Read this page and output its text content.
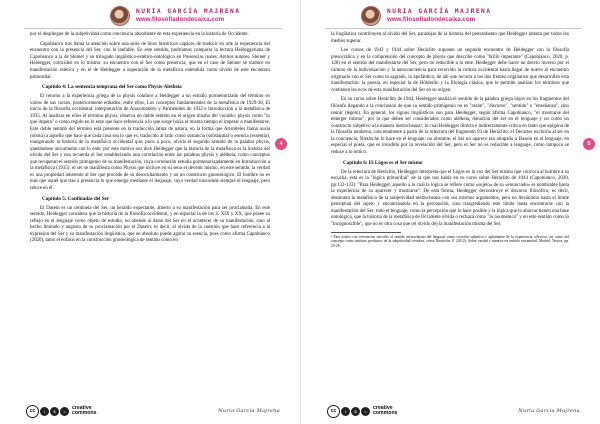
NURIA GARCÍA MAJRENA
www.filosofiadondecaixa.com

por el despliegue de la subjetividad como conciencia absorbente de esta experiencia en la historia de Occidente.

Capobianco nos llama la atención sobre una serie de hitos históricos capaces de traducir en arte la experiencia del encuentro con la presencia del Ser, con lo inefable. En este sentido, podríamos comparar la lectura Heideggeriana de Capobianco a la de Steiner y su trilogado lingüístico-estético-ontológico en Presencias reales. Ambos autores, Steiner y Heidegger, coinciden en lo mismo: su encuentro con el Ser como presencia, que en el caso de Steiner se traduce en manifestación estética y en el de Heidegger a superación de la metafísica entendida como olvido de este encuentro primordial.

Capítulo 4: La sentencia temprana del Ser como Physis-Aletheia

El retorno a la experiencia griega de la physis conduce a Heidegger a un estudio pormenorizado del término en varios de sus cursos, posteriormente editados; entre ellos, Los conceptos fundamentales de la metafísica de 1929-30, El inicio de la filosofía occidental: interpretación de Anaximandro y Parménides de 1932 e Introducción a la metafísica de 1935. Al analizar en ellos el término physis, observa un doble sentido en el origen mismo del vocablo: physis como "lo que impera" o como regido en lo ente que hace referencia a lo que surge hacia el mismo tiempo el imperar o manifestarse. Este doble sentido del término está presente en la traducción latina de natura, en la forma que Aristóteles llama ousía (οὐσία) a aquello que hace que cada cosa sea lo que es, traducido al latín como sustancia (substantia) o esencia (essentia), inaugurando la historia de la metafísica occidental que, poco a poco, olvida el segundo sentido de la palabra physis, quedándose únicamente con lo ente; por este motivo nos dice Heidegger que la historia de la metafísica es la historia del olvido del Ser y nos recuerda el Ser estableciendo una correlación entre las palabras physis y alétheia, como conceptos que recuperan el sentido primigenio de su manifestación, cuya correlación estudia pormenorizadamente en Introducción a la metafísica (1935): el ser se manifiesta como Physis que incluye en su seno el devenir mismo, en este sentido, la verdad es una propiedad inherente al Ser que procede de su desocultamiento y no un constructo gnoseológico. El hombre no es más que aquél que trae a presencia lo que emerge mediante el lenguaje, cuya verdad trasciende siempre el lenguaje, pero reluce en él.

Capítulo 5: Confinadas del Ser

El Dasein es un centinela del Ser, un heraldo expectante, abierto a su manifestación para ser proclamada. En este sentido, Heidegger considera que la historia de la filosofía occidental, y en especial la de los S. XIX y XX, que posee su reflejo en el lenguaje como objeto de estudio, no atiende al darse del Ser en el acontecer de su manifestación, sino al hecho limitado y angosto de su proclamación por el Dasein; es decir, al olvido de la cuestión que hace referencia a la expresión del Ser y su manifestación lingüística, que en absoluto puede agotar su esencia, pues como afirma Capobianco (2020), tanto el énfasis en la construcción gnoseológica de sentido como en

4
cc	i	$	=	creative
commons	Nuria García Majrena
NURIA GARCÍA MAJRENA
www.filosofiadondecaixa.com

la lingüística contribuyen al olvido del Ser, paradojas de la historia del pensamiento que Heidegger intenta por todos los medios superar.

Los cursos de 1943 y 1944 sobre Heráclito suponen un segundo encuentro de Heidegger con la filosofía presocrática y en la comprensión del concepto de physis que describe como "brillo imperante" (Capobianco, 2020, p. 128) en el sentido del manifestarse del Ser, pero no reducible a lo ente. Heidegger debe hacer un desvío inverso por el camino de la individuación y la autoconciencia para recorrido la cultura occidental hasta llegar de nuevo al encuentro originario con el Ser como lo sagrado, lo apofántico, de ahí que recurra a los dos frentes originarios que desarrollan esta manifestación: la poesía, en especial la de Hölderlin y la filología clásica, que le permite analizar los términos que contienen los ecos de esta manifestación del Ser en su origen.

En su curso sobre Heráclito de 1944, Heidegger analiza el sentido de la palabra griega lógos en los fragmentos del filósofo llegando a la conclusión de que su sentido primigenio no es "razón", "discurso", "sentido" o "enseñanza", sino reunir (légein). En general, los signos lingüísticos son para Heidegger, según afirma Capobianco, "el mostrarse del emerger mismo", por lo que deben ser considerados como alétheia, donación del ser en el lenguaje y no como un constructo subjetivo a la manera nietzscheana¹, lo cual Heidegger directa e indirectamente critica en tanto que epígono de la filosofía moderna, concretamente a partir de la relectura del fragmento 93 de Heráclito: el Decartes excluiría al ser en la conciencia, Nietzsche lo hace en el lenguaje; no obstante, el Ser no aparece tan atrapado a Dasein en el lenguaje, en especial el poeta, que es invadido por la revelación del Ser, pero el Ser no es reducible a lenguaje, como tampoco se reduce a lo óntico.

Capítulo 6: El Lógos es el Ser mismo

De la relectura de Heráclito, Heidegger interpreta que el Lógos es la voz del Ser mismo que convoca al hombre a su escucha, esta es la "lógica primordial" de la que nos habla en su curso sobre Heráclito de 1944 (Capobianco, 2020, pp.132-133): "Para Heidegger, aquello a lo cual la lógica se refiere como «sujeto» de su «enunciado» es nombrable hasta la experiencia de su aparecer y mostrarse". De esta forma, Heidegger deconstruye el discurso filosófico, es decir, desmonta la metafísica de la subjetividad nietzscheana con sus mismos argumentos, pero no llevándola hasta el límite perceptual del sujeto y encontrándola en la percepción, sino trasgrediendo este límite hasta encontrarse con la manifestación del Ser: todo el lenguaje, como la percepción que lo hace posible y la lógica que lo abarcar tienen una base ontológica, que la historia de la metafísica de Occidente olvida o rechaza como "lo nouménico" y en este sentido como lo "incognoscible", que no es otra cosa que (el olvido de) la manifestación misma del Ser.

¹ Para títulos con referencias iniciales al sentido nietzscheano del lenguaje como creación subjetiva y aglutinante de la experiencia colectiva, así como del concepto como instituto productos de la subjetividad creadora, véase Nietzsche, F. (2012): Sobre verdad y mentira en sentido extramoral, Madrid, Tecnos, pp. 25-28.

5
cc	i	$	=	creative
commons	Nuria García Majrena
